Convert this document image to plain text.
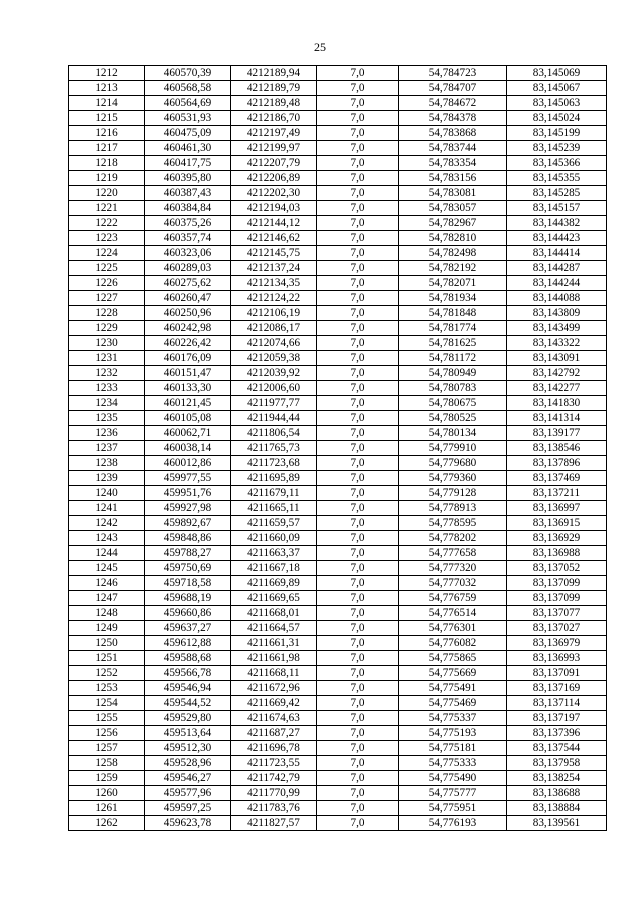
25
1212	460570,39	4212189,94	7,0	54,784723	83,145069
1213	460568,58	4212189,79	7,0	54,784707	83,145067
1214	460564,69	4212189,48	7,0	54,784672	83,145063
1215	460531,93	4212186,70	7,0	54,784378	83,145024
1216	460475,09	4212197,49	7,0	54,783868	83,145199
1217	460461,30	4212199,97	7,0	54,783744	83,145239
1218	460417,75	4212207,79	7,0	54,783354	83,145366
1219	460395,80	4212206,89	7,0	54,783156	83,145355
1220	460387,43	4212202,30	7,0	54,783081	83,145285
1221	460384,84	4212194,03	7,0	54,783057	83,145157
1222	460375,26	4212144,12	7,0	54,782967	83,144382
1223	460357,74	4212146,62	7,0	54,782810	83,144423
1224	460323,06	4212145,75	7,0	54,782498	83,144414
1225	460289,03	4212137,24	7,0	54,782192	83,144287
1226	460275,62	4212134,35	7,0	54,782071	83,144244
1227	460260,47	4212124,22	7,0	54,781934	83,144088
1228	460250,96	4212106,19	7,0	54,781848	83,143809
1229	460242,98	4212086,17	7,0	54,781774	83,143499
1230	460226,42	4212074,66	7,0	54,781625	83,143322
1231	460176,09	4212059,38	7,0	54,781172	83,143091
1232	460151,47	4212039,92	7,0	54,780949	83,142792
1233	460133,30	4212006,60	7,0	54,780783	83,142277
1234	460121,45	4211977,77	7,0	54,780675	83,141830
1235	460105,08	4211944,44	7,0	54,780525	83,141314
1236	460062,71	4211806,54	7,0	54,780134	83,139177
1237	460038,14	4211765,73	7,0	54,779910	83,138546
1238	460012,86	4211723,68	7,0	54,779680	83,137896
1239	459977,55	4211695,89	7,0	54,779360	83,137469
1240	459951,76	4211679,11	7,0	54,779128	83,137211
1241	459927,98	4211665,11	7,0	54,778913	83,136997
1242	459892,67	4211659,57	7,0	54,778595	83,136915
1243	459848,86	4211660,09	7,0	54,778202	83,136929
1244	459788,27	4211663,37	7,0	54,777658	83,136988
1245	459750,69	4211667,18	7,0	54,777320	83,137052
1246	459718,58	4211669,89	7,0	54,777032	83,137099
1247	459688,19	4211669,65	7,0	54,776759	83,137099
1248	459660,86	4211668,01	7,0	54,776514	83,137077
1249	459637,27	4211664,57	7,0	54,776301	83,137027
1250	459612,88	4211661,31	7,0	54,776082	83,136979
1251	459588,68	4211661,98	7,0	54,775865	83,136993
1252	459566,78	4211668,11	7,0	54,775669	83,137091
1253	459546,94	4211672,96	7,0	54,775491	83,137169
1254	459544,52	4211669,42	7,0	54,775469	83,137114
1255	459529,80	4211674,63	7,0	54,775337	83,137197
1256	459513,64	4211687,27	7,0	54,775193	83,137396
1257	459512,30	4211696,78	7,0	54,775181	83,137544
1258	459528,96	4211723,55	7,0	54,775333	83,137958
1259	459546,27	4211742,79	7,0	54,775490	83,138254
1260	459577,96	4211770,99	7,0	54,775777	83,138688
1261	459597,25	4211783,76	7,0	54,775951	83,138884
1262	459623,78	4211827,57	7,0	54,776193	83,139561
